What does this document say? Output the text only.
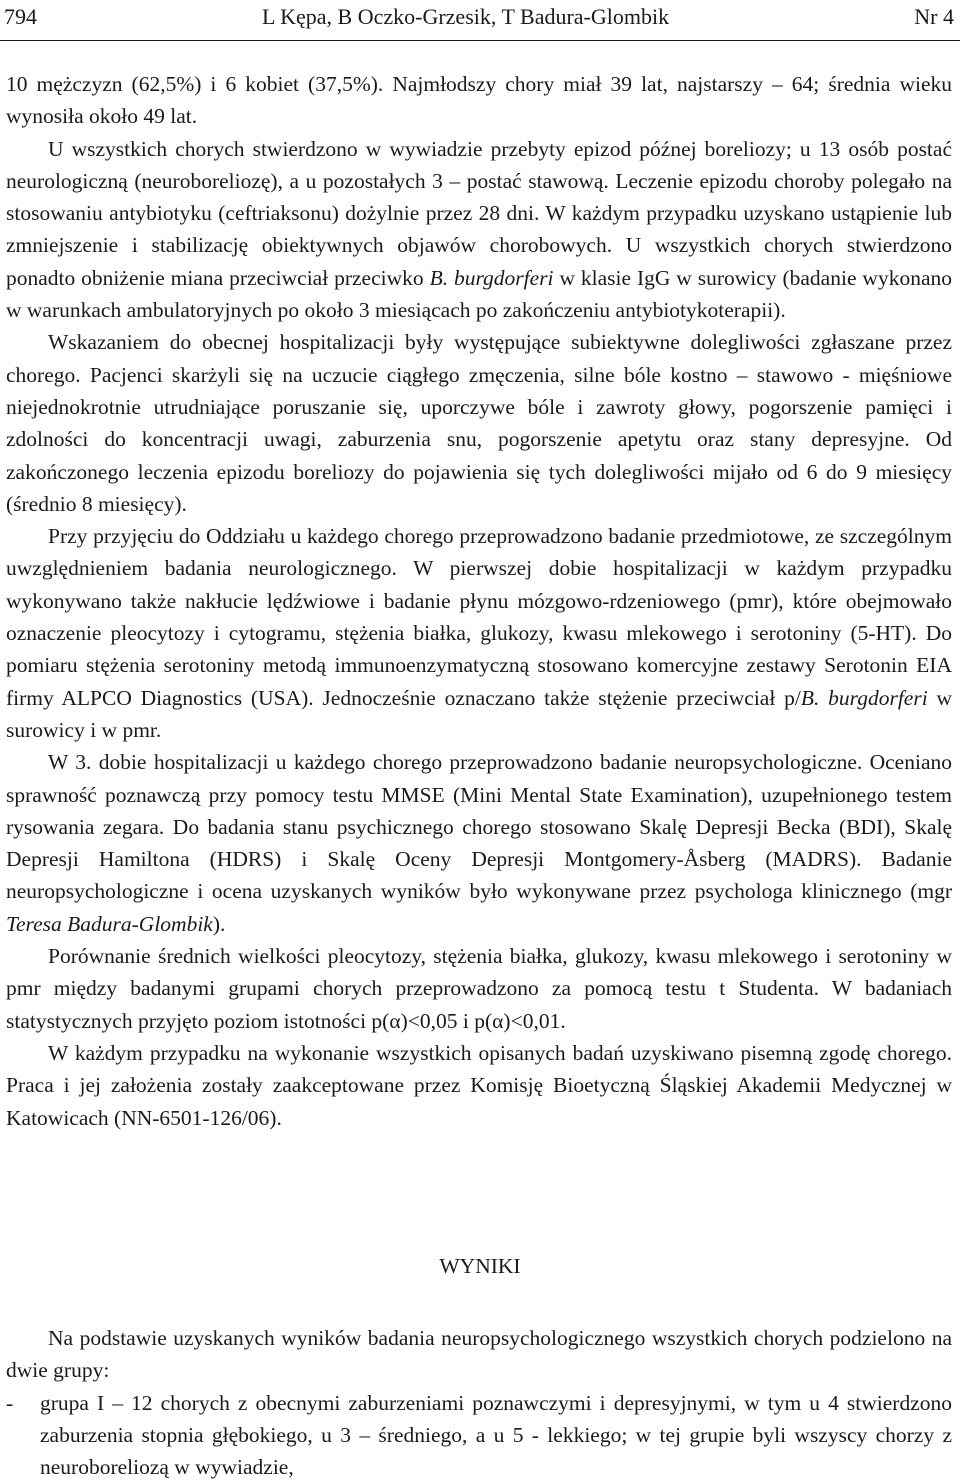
794	L Kępa, B Oczko-Grzesik, T Badura-Glombik	Nr 4

10 mężczyzn (62,5%) i 6 kobiet (37,5%). Najmłodszy chory miał 39 lat, najstarszy – 64; średnia wieku wynosiła około 49 lat.

U wszystkich chorych stwierdzono w wywiadzie przebyty epizod późnej boreliozy; u 13 osób postać neurologiczną (neuroboreliozę), a u pozostałych 3 – postać stawową. Leczenie epizodu choroby polegało na stosowaniu antybiotyku (ceftriaksonu) dożylnie przez 28 dni. W każdym przypadku uzyskano ustąpienie lub zmniejszenie i stabilizację obiektywnych objawów chorobowych. U wszystkich chorych stwierdzono ponadto obniżenie miana przeciwciał przeciwko B. burgdorferi w klasie IgG w surowicy (badanie wykonano w warunkach ambulatoryjnych po około 3 miesiącach po zakończeniu antybiotykoterapii).

Wskazaniem do obecnej hospitalizacji były występujące subiektywne dolegliwości zgłaszane przez chorego. Pacjenci skarżyli się na uczucie ciągłego zmęczenia, silne bóle kostno – stawowo - mięśniowe niejednokrotnie utrudniające poruszanie się, uporczywe bóle i zawroty głowy, pogorszenie pamięci i zdolności do koncentracji uwagi, zaburzenia snu, pogorszenie apetytu oraz stany depresyjne. Od zakończonego leczenia epizodu boreliozy do pojawienia się tych dolegliwości mijało od 6 do 9 miesięcy (średnio 8 miesięcy).

Przy przyjęciu do Oddziału u każdego chorego przeprowadzono badanie przedmiotowe, ze szczególnym uwzględnieniem badania neurologicznego. W pierwszej dobie hospitalizacji w każdym przypadku wykonywano także nakłucie lędźwiowe i badanie płynu mózgowo-rdzeniowego (pmr), które obejmowało oznaczenie pleocytozy i cytogramu, stężenia białka, glukozy, kwasu mlekowego i serotoniny (5-HT). Do pomiaru stężenia serotoniny metodą immunoenzymatyczną stosowano komercyjne zestawy Serotonin EIA firmy ALPCO Diagnostics (USA). Jednocześnie oznaczano także stężenie przeciwciał p/B. burgdorferi w surowicy i w pmr.

W 3. dobie hospitalizacji u każdego chorego przeprowadzono badanie neuropsychologiczne. Oceniano sprawność poznawczą przy pomocy testu MMSE (Mini Mental State Examination), uzupełnionego testem rysowania zegara. Do badania stanu psychicznego chorego stosowano Skalę Depresji Becka (BDI), Skalę Depresji Hamiltona (HDRS) i Skalę Oceny Depresji Montgomery-Åsberg (MADRS). Badanie neuropsychologiczne i ocena uzyskanych wyników było wykonywane przez psychologa klinicznego (mgr Teresa Badura-Glombik).

Porównanie średnich wielkości pleocytozy, stężenia białka, glukozy, kwasu mlekowego i serotoniny w pmr między badanymi grupami chorych przeprowadzono za pomocą testu t Studenta. W badaniach statystycznych przyjęto poziom istotności p(α)<0,05 i p(α)<0,01.

W każdym przypadku na wykonanie wszystkich opisanych badań uzyskiwano pisemną zgodę chorego. Praca i jej założenia zostały zaakceptowane przez Komisję Bioetyczną Śląskiej Akademii Medycznej w Katowicach (NN-6501-126/06).

WYNIKI

Na podstawie uzyskanych wyników badania neuropsychologicznego wszystkich chorych podzielono na dwie grupy:

- grupa I – 12 chorych z obecnymi zaburzeniami poznawczymi i depresyjnymi, w tym u 4 stwierdzono zaburzenia stopnia głębokiego, u 3 – średniego, a u 5 - lekkiego; w tej grupie byli wszyscy chorzy z neuroboreliozą w wywiadzie,
